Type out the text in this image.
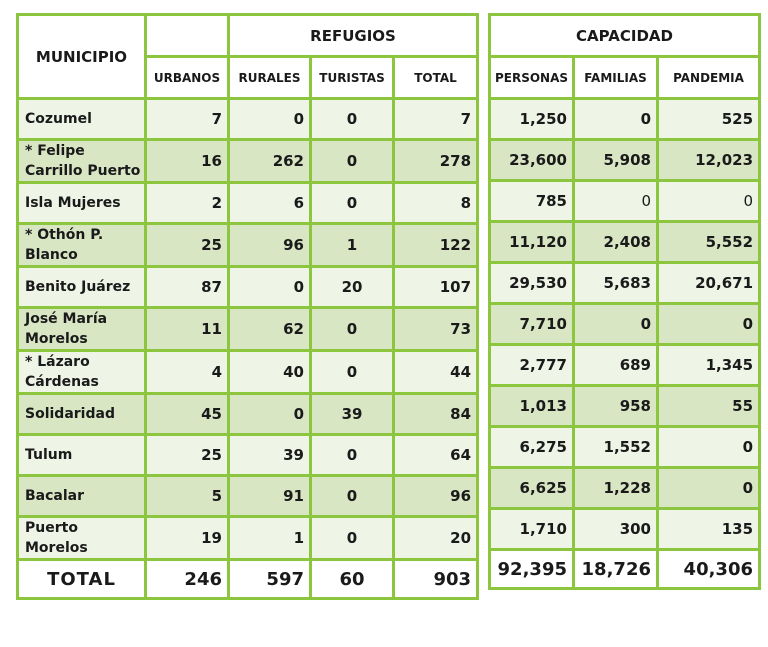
MUNICIPIO		REFUGIOS		
	URBANOS	RURALES	TURISTAS	TOTAL
Cozumel	7	0	0	7
* Felipe Carrillo Puerto	16	262	0	278
Isla Mujeres	2	6	0	8
* Othón P. Blanco	25	96	1	122
Benito Juárez	87	0	20	107
José María Morelos	11	62	0	73
* Lázaro Cárdenas	4	40	0	44
Solidaridad	45	0	39	84
Tulum	25	39	0	64
Bacalar	5	91	0	96
Puerto Morelos	19	1	0	20
TOTAL	246	597	60	903
CAPACIDAD		
PERSONAS	FAMILIAS	PANDEMIA
1,250	0	525
23,600	5,908	12,023
785	0	0
11,120	2,408	5,552
29,530	5,683	20,671
7,710	0	0
2,777	689	1,345
1,013	958	55
6,275	1,552	0
6,625	1,228	0
1,710	300	135
92,395	18,726	40,306
